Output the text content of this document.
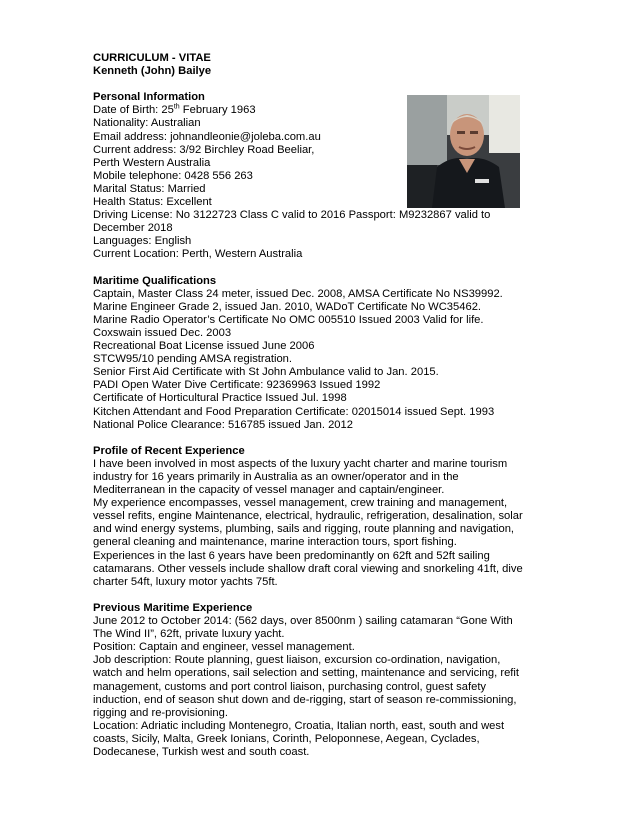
CURRICULUM - VITAE
Kenneth (John) Bailye
Personal Information
Date of Birth: 25th February 1963
Nationality: Australian
Email address: johnandleonie@joleba.com.au
Current address: 3/92 Birchley Road Beeliar,
Perth Western Australia
Mobile telephone: 0428 556 263
Marital Status: Married
Health Status: Excellent
Driving License: No 3122723 Class C valid to 2016 Passport: M9232867 valid to
December 2018
Languages: English
Current Location: Perth, Western Australia
Maritime Qualifications
Captain, Master Class 24 meter, issued Dec. 2008, AMSA Certificate No NS39992.
Marine Engineer Grade 2, issued Jan. 2010, WADoT Certificate No WC35462.
Marine Radio Operator’s Certificate No OMC 005510 Issued 2003 Valid for life.
Coxswain issued Dec. 2003
Recreational Boat License issued June 2006
STCW95/10 pending AMSA registration.
Senior First Aid Certificate with St John Ambulance valid to Jan. 2015.
PADI Open Water Dive Certificate: 92369963 Issued 1992
Certificate of Horticultural Practice Issued Jul. 1998
Kitchen Attendant and Food Preparation Certificate: 02015014 issued Sept. 1993
National Police Clearance: 516785 issued Jan. 2012
Profile of Recent Experience
I have been involved in most aspects of the luxury yacht charter and marine tourism
industry for 16 years primarily in Australia as an owner/operator and in the
Mediterranean in the capacity of vessel manager and captain/engineer.
My experience encompasses, vessel management, crew training and management,
vessel refits, engine Maintenance, electrical, hydraulic, refrigeration, desalination, solar
and wind energy systems, plumbing, sails and rigging, route planning and navigation,
general cleaning and maintenance, marine interaction tours, sport fishing.
Experiences in the last 6 years have been predominantly on 62ft and 52ft sailing
catamarans. Other vessels include shallow draft coral viewing and snorkeling 41ft, dive
charter 54ft, luxury motor yachts 75ft.
Previous Maritime Experience
June 2012 to October 2014: (562 days, over 8500nm ) sailing catamaran “Gone With
The Wind II”, 62ft, private luxury yacht.
Position: Captain and engineer, vessel management.
Job description: Route planning, guest liaison, excursion co-ordination, navigation,
watch and helm operations, sail selection and setting, maintenance and servicing, refit
management, customs and port control liaison, purchasing control, guest safety
induction, end of season shut down and de-rigging, start of season re-commissioning,
rigging and re-provisioning.
Location: Adriatic including Montenegro, Croatia, Italian north, east, south and west
coasts, Sicily, Malta, Greek Ionians, Corinth, Peloponnese, Aegean, Cyclades,
Dodecanese, Turkish west and south coast.
